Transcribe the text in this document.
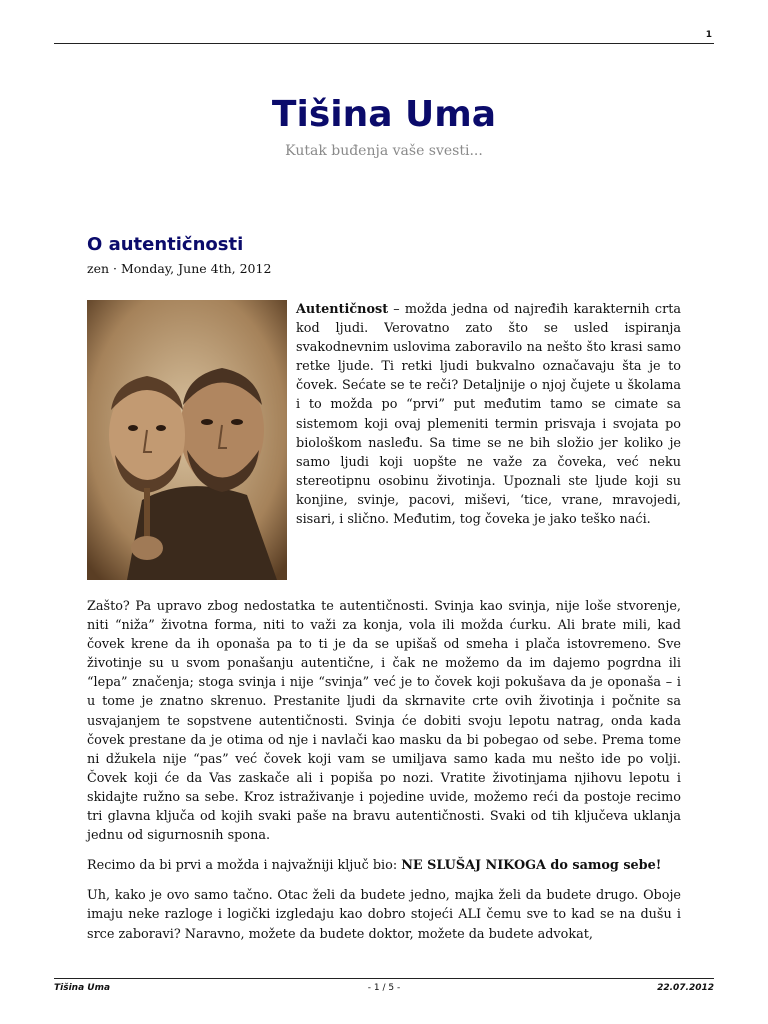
1
Tišina Uma
Kutak buđenja vaše svesti...
O autentičnosti
zen · Monday, June 4th, 2012

Autentičnost – možda jedna od najređih karakternih crta kod ljudi. Verovatno zato što se usled ispiranja svakodnevnim uslovima zaboravilo na nešto što krasi samo retke ljude. Ti retki ljudi bukvalno označavaju šta je to čovek. Sećate se te reči? Detaljnije o njoj čujete u školama i to možda po “prvi” put međutim tamo se cimate sa sistemom koji ovaj plemeniti termin prisvaja i svojata po biološkom nasleđu. Sa time se ne bih složio jer koliko je samo ljudi koji uopšte ne važe za čoveka, već neku stereotipnu osobinu životinja. Upoznali ste ljude koji su konjine, svinje, pacovi, miševi, ‘tice, vrane, mravojedi, sisari, i slično. Međutim, tog čoveka je jako teško naći.

Zašto? Pa upravo zbog nedostatka te autentičnosti. Svinja kao svinja, nije loše stvorenje, niti “niža” životna forma, niti to važi za konja, vola ili možda ćurku. Ali brate mili, kad čovek krene da ih oponaša pa to ti je da se upišaš od smeha i plača istovremeno. Sve životinje su u svom ponašanju autentične, i čak ne možemo da im dajemo pogrdna ili “lepa” značenja; stoga svinja i nije “svinja” već je to čovek koji pokušava da je oponaša – i u tome je znatno skrenuo. Prestanite ljudi da skrnavite crte ovih životinja i počnite sa usvajanjem te sopstvene autentičnosti. Svinja će dobiti svoju lepotu natrag, onda kada čovek prestane da je otima od nje i navlači kao masku da bi pobegao od sebe. Prema tome ni džukela nije “pas” već čovek koji vam se umiljava samo kada mu nešto ide po volji. Čovek koji će da Vas zaskače ali i popiša po nozi. Vratite životinjama njihovu lepotu i skidajte ružno sa sebe. Kroz istraživanje i pojedine uvide, možemo reći da postoje recimo tri glavna ključa od kojih svaki paše na bravu autentičnosti. Svaki od tih ključeva uklanja jednu od sigurnosnih spona.

Recimo da bi prvi a možda i najvažniji ključ bio: NE SLUŠAJ NIKOGA do samog sebe!

Uh, kako je ovo samo tačno. Otac želi da budete jedno, majka želi da budete drugo. Oboje imaju neke razloge i logički izgledaju kao dobro stojeći ALI čemu sve to kad se na dušu i srce zaboravi? Naravno, možete da budete doktor, možete da budete advokat,

Tišina Uma	- 1 / 5 -	22.07.2012
